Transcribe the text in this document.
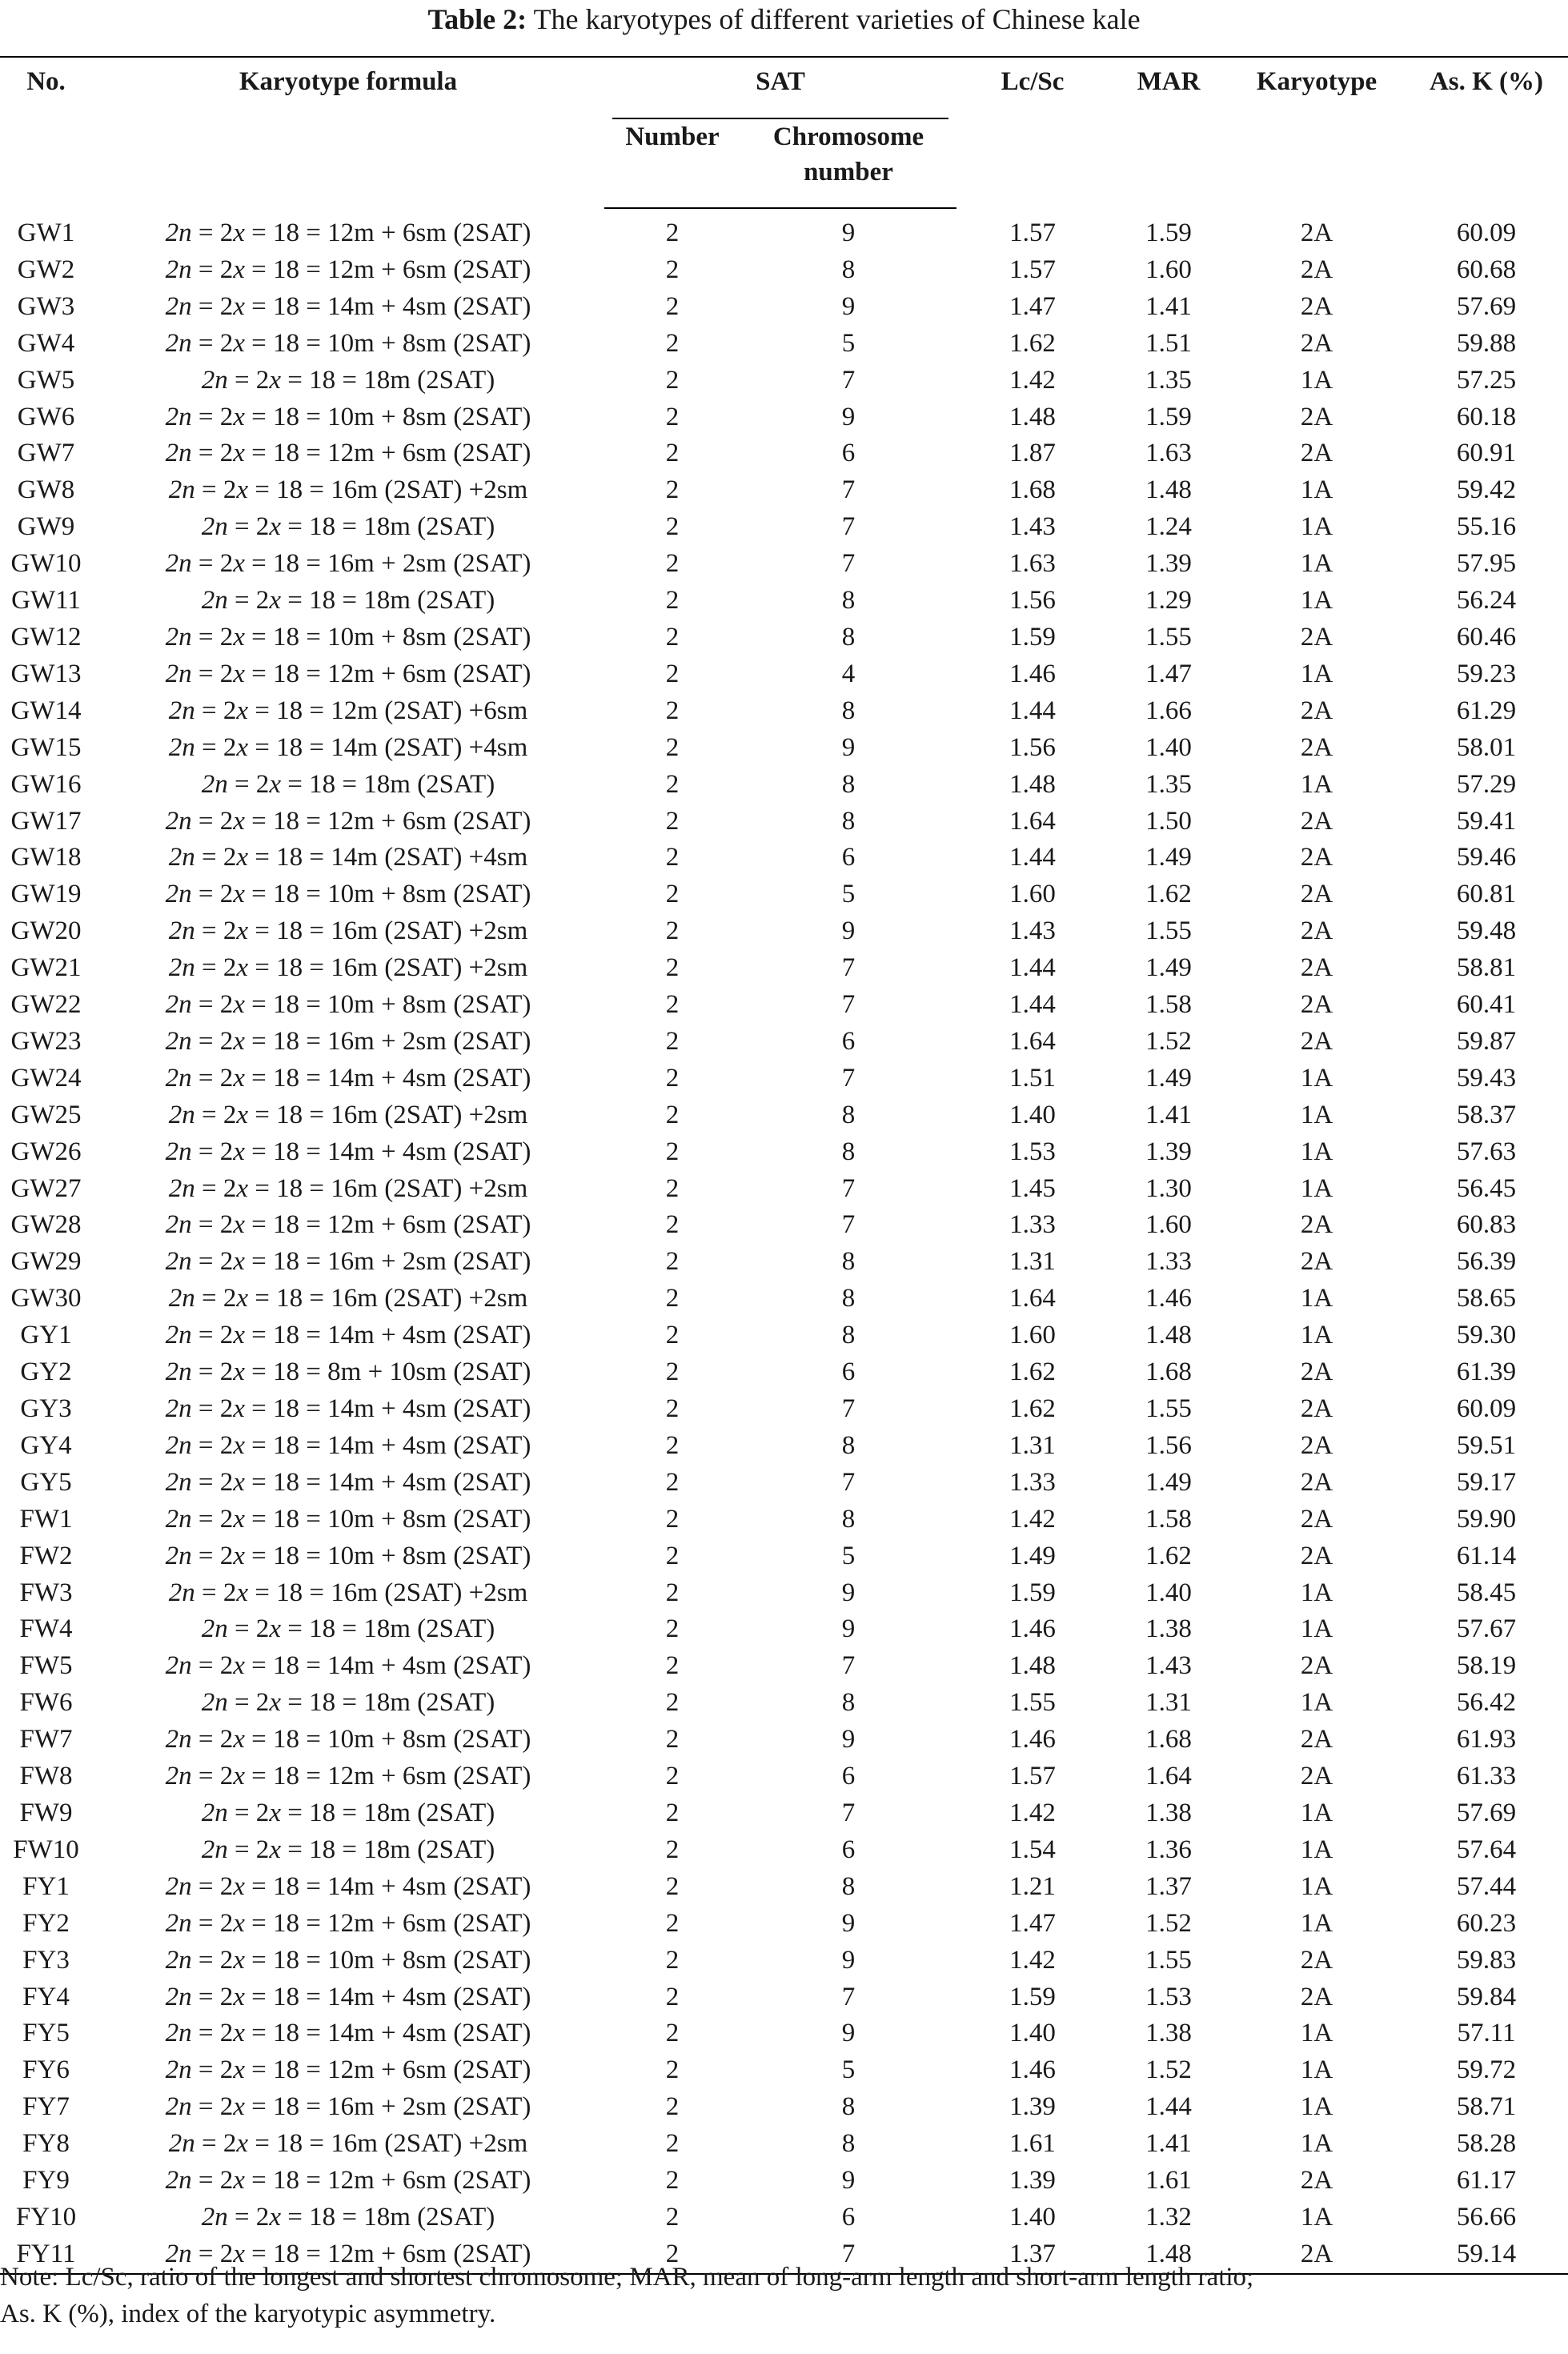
Table 2: The karyotypes of different varieties of Chinese kale
No.	Karyotype formula	SAT		Lc/Sc	MAR	Karyotype	As. K (%)
		Number	Chromosome
number				
GW1	2n = 2x = 18 = 12m + 6sm (2SAT)	2	9	1.57	1.59	2A	60.09
GW2	2n = 2x = 18 = 12m + 6sm (2SAT)	2	8	1.57	1.60	2A	60.68
GW3	2n = 2x = 18 = 14m + 4sm (2SAT)	2	9	1.47	1.41	2A	57.69
GW4	2n = 2x = 18 = 10m + 8sm (2SAT)	2	5	1.62	1.51	2A	59.88
GW5	2n = 2x = 18 = 18m (2SAT)	2	7	1.42	1.35	1A	57.25
GW6	2n = 2x = 18 = 10m + 8sm (2SAT)	2	9	1.48	1.59	2A	60.18
GW7	2n = 2x = 18 = 12m + 6sm (2SAT)	2	6	1.87	1.63	2A	60.91
GW8	2n = 2x = 18 = 16m (2SAT) +2sm	2	7	1.68	1.48	1A	59.42
GW9	2n = 2x = 18 = 18m (2SAT)	2	7	1.43	1.24	1A	55.16
GW10	2n = 2x = 18 = 16m + 2sm (2SAT)	2	7	1.63	1.39	1A	57.95
GW11	2n = 2x = 18 = 18m (2SAT)	2	8	1.56	1.29	1A	56.24
GW12	2n = 2x = 18 = 10m + 8sm (2SAT)	2	8	1.59	1.55	2A	60.46
GW13	2n = 2x = 18 = 12m + 6sm (2SAT)	2	4	1.46	1.47	1A	59.23
GW14	2n = 2x = 18 = 12m (2SAT) +6sm	2	8	1.44	1.66	2A	61.29
GW15	2n = 2x = 18 = 14m (2SAT) +4sm	2	9	1.56	1.40	2A	58.01
GW16	2n = 2x = 18 = 18m (2SAT)	2	8	1.48	1.35	1A	57.29
GW17	2n = 2x = 18 = 12m + 6sm (2SAT)	2	8	1.64	1.50	2A	59.41
GW18	2n = 2x = 18 = 14m (2SAT) +4sm	2	6	1.44	1.49	2A	59.46
GW19	2n = 2x = 18 = 10m + 8sm (2SAT)	2	5	1.60	1.62	2A	60.81
GW20	2n = 2x = 18 = 16m (2SAT) +2sm	2	9	1.43	1.55	2A	59.48
GW21	2n = 2x = 18 = 16m (2SAT) +2sm	2	7	1.44	1.49	2A	58.81
GW22	2n = 2x = 18 = 10m + 8sm (2SAT)	2	7	1.44	1.58	2A	60.41
GW23	2n = 2x = 18 = 16m + 2sm (2SAT)	2	6	1.64	1.52	2A	59.87
GW24	2n = 2x = 18 = 14m + 4sm (2SAT)	2	7	1.51	1.49	1A	59.43
GW25	2n = 2x = 18 = 16m (2SAT) +2sm	2	8	1.40	1.41	1A	58.37
GW26	2n = 2x = 18 = 14m + 4sm (2SAT)	2	8	1.53	1.39	1A	57.63
GW27	2n = 2x = 18 = 16m (2SAT) +2sm	2	7	1.45	1.30	1A	56.45
GW28	2n = 2x = 18 = 12m + 6sm (2SAT)	2	7	1.33	1.60	2A	60.83
GW29	2n = 2x = 18 = 16m + 2sm (2SAT)	2	8	1.31	1.33	2A	56.39
GW30	2n = 2x = 18 = 16m (2SAT) +2sm	2	8	1.64	1.46	1A	58.65
GY1	2n = 2x = 18 = 14m + 4sm (2SAT)	2	8	1.60	1.48	1A	59.30
GY2	2n = 2x = 18 = 8m + 10sm (2SAT)	2	6	1.62	1.68	2A	61.39
GY3	2n = 2x = 18 = 14m + 4sm (2SAT)	2	7	1.62	1.55	2A	60.09
GY4	2n = 2x = 18 = 14m + 4sm (2SAT)	2	8	1.31	1.56	2A	59.51
GY5	2n = 2x = 18 = 14m + 4sm (2SAT)	2	7	1.33	1.49	2A	59.17
FW1	2n = 2x = 18 = 10m + 8sm (2SAT)	2	8	1.42	1.58	2A	59.90
FW2	2n = 2x = 18 = 10m + 8sm (2SAT)	2	5	1.49	1.62	2A	61.14
FW3	2n = 2x = 18 = 16m (2SAT) +2sm	2	9	1.59	1.40	1A	58.45
FW4	2n = 2x = 18 = 18m (2SAT)	2	9	1.46	1.38	1A	57.67
FW5	2n = 2x = 18 = 14m + 4sm (2SAT)	2	7	1.48	1.43	2A	58.19
FW6	2n = 2x = 18 = 18m (2SAT)	2	8	1.55	1.31	1A	56.42
FW7	2n = 2x = 18 = 10m + 8sm (2SAT)	2	9	1.46	1.68	2A	61.93
FW8	2n = 2x = 18 = 12m + 6sm (2SAT)	2	6	1.57	1.64	2A	61.33
FW9	2n = 2x = 18 = 18m (2SAT)	2	7	1.42	1.38	1A	57.69
FW10	2n = 2x = 18 = 18m (2SAT)	2	6	1.54	1.36	1A	57.64
FY1	2n = 2x = 18 = 14m + 4sm (2SAT)	2	8	1.21	1.37	1A	57.44
FY2	2n = 2x = 18 = 12m + 6sm (2SAT)	2	9	1.47	1.52	1A	60.23
FY3	2n = 2x = 18 = 10m + 8sm (2SAT)	2	9	1.42	1.55	2A	59.83
FY4	2n = 2x = 18 = 14m + 4sm (2SAT)	2	7	1.59	1.53	2A	59.84
FY5	2n = 2x = 18 = 14m + 4sm (2SAT)	2	9	1.40	1.38	1A	57.11
FY6	2n = 2x = 18 = 12m + 6sm (2SAT)	2	5	1.46	1.52	1A	59.72
FY7	2n = 2x = 18 = 16m + 2sm (2SAT)	2	8	1.39	1.44	1A	58.71
FY8	2n = 2x = 18 = 16m (2SAT) +2sm	2	8	1.61	1.41	1A	58.28
FY9	2n = 2x = 18 = 12m + 6sm (2SAT)	2	9	1.39	1.61	2A	61.17
FY10	2n = 2x = 18 = 18m (2SAT)	2	6	1.40	1.32	1A	56.66
FY11	2n = 2x = 18 = 12m + 6sm (2SAT)	2	7	1.37	1.48	2A	59.14
Note: Lc/Sc, ratio of the longest and shortest chromosome; MAR, mean of long-arm length and short-arm length ratio;
As. K (%), index of the karyotypic asymmetry.
